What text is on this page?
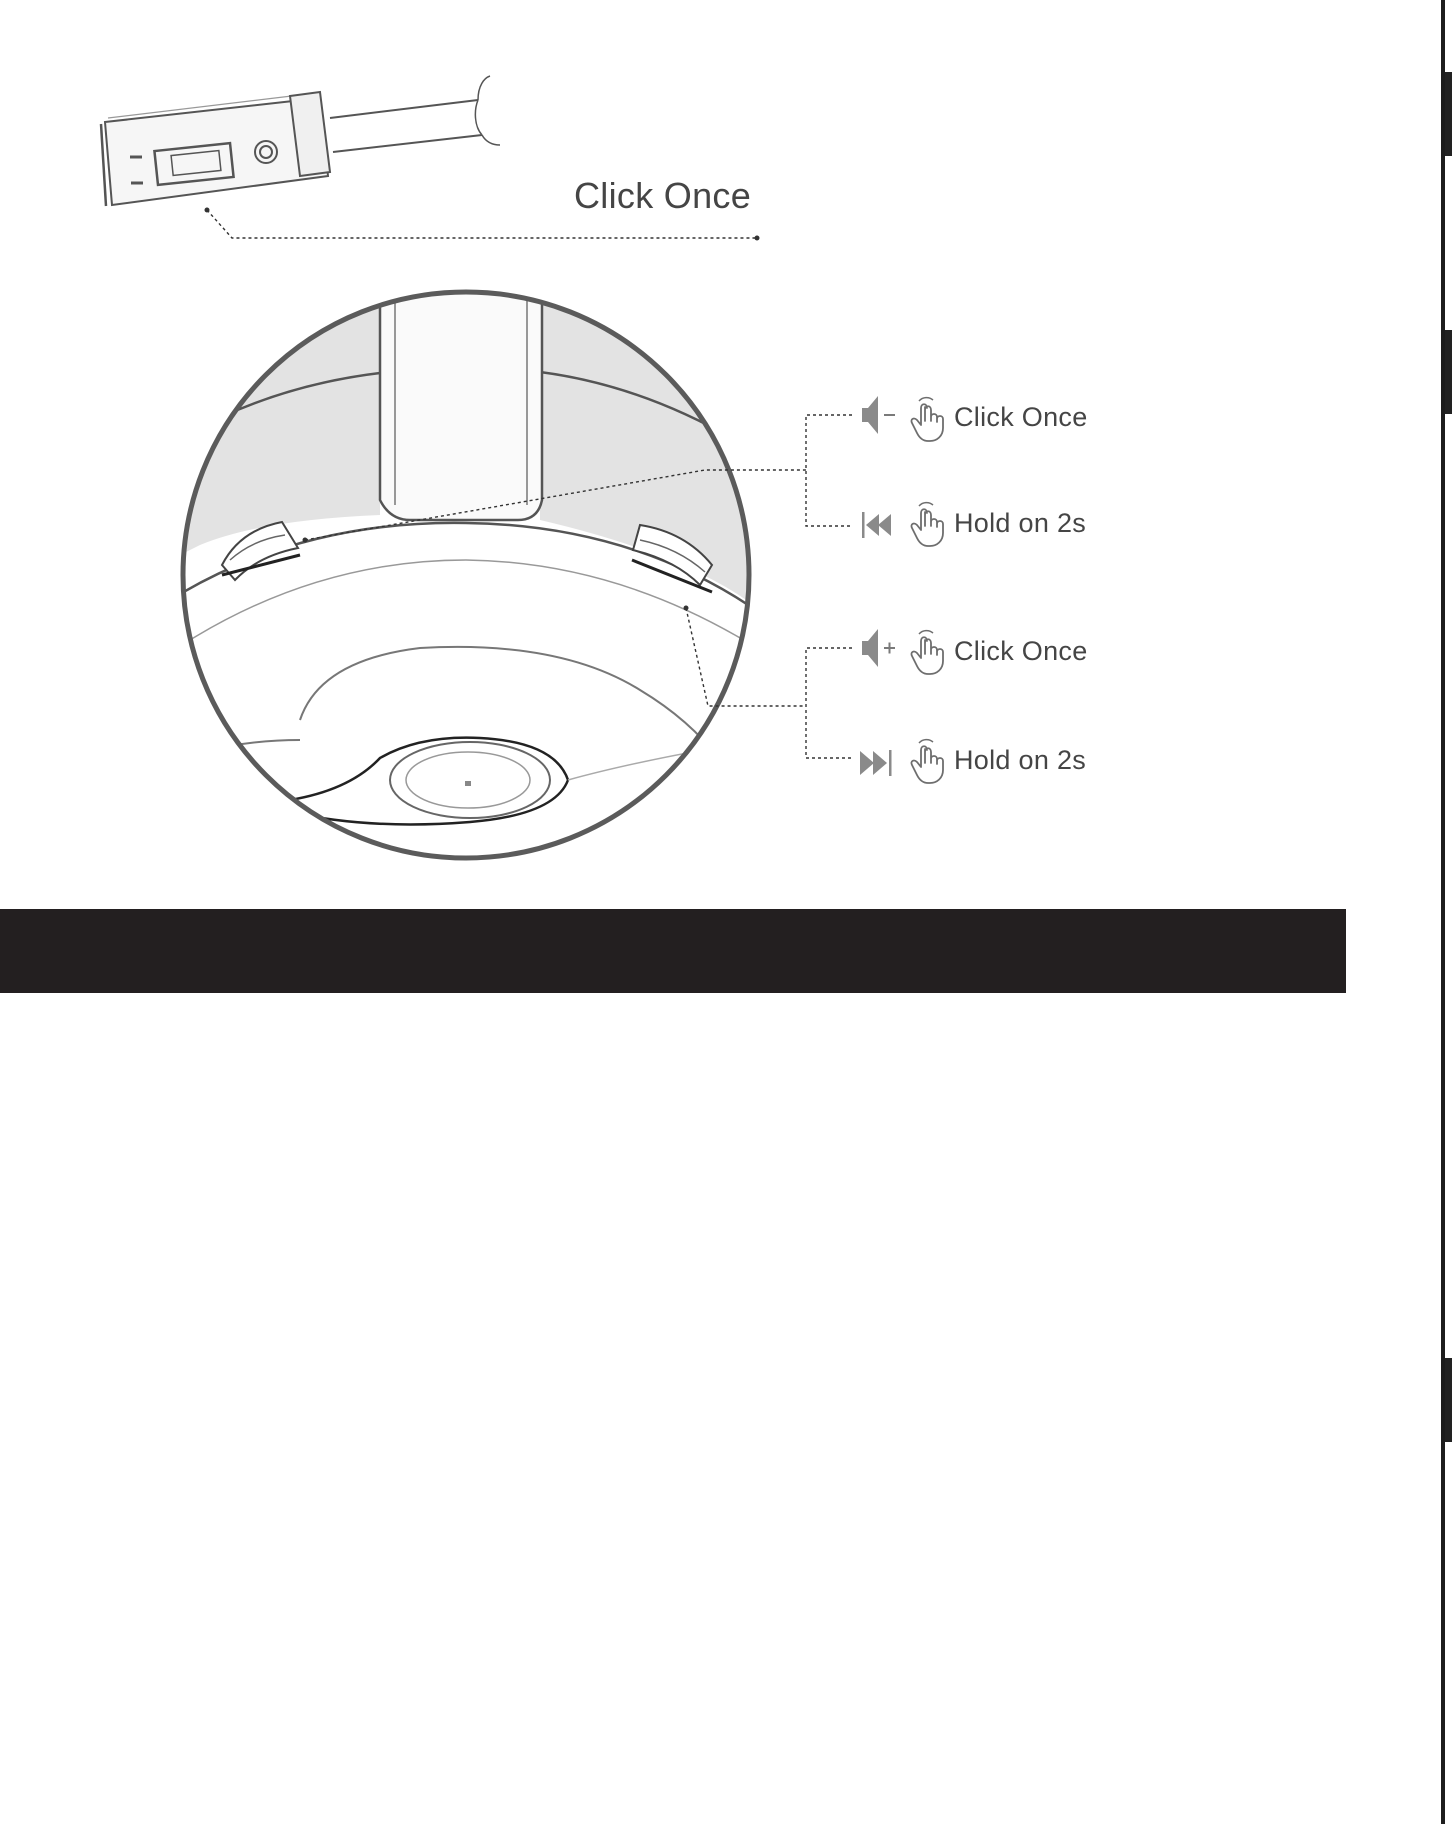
Click Once
Click Once
Hold on 2s
Click Once
Hold on 2s
